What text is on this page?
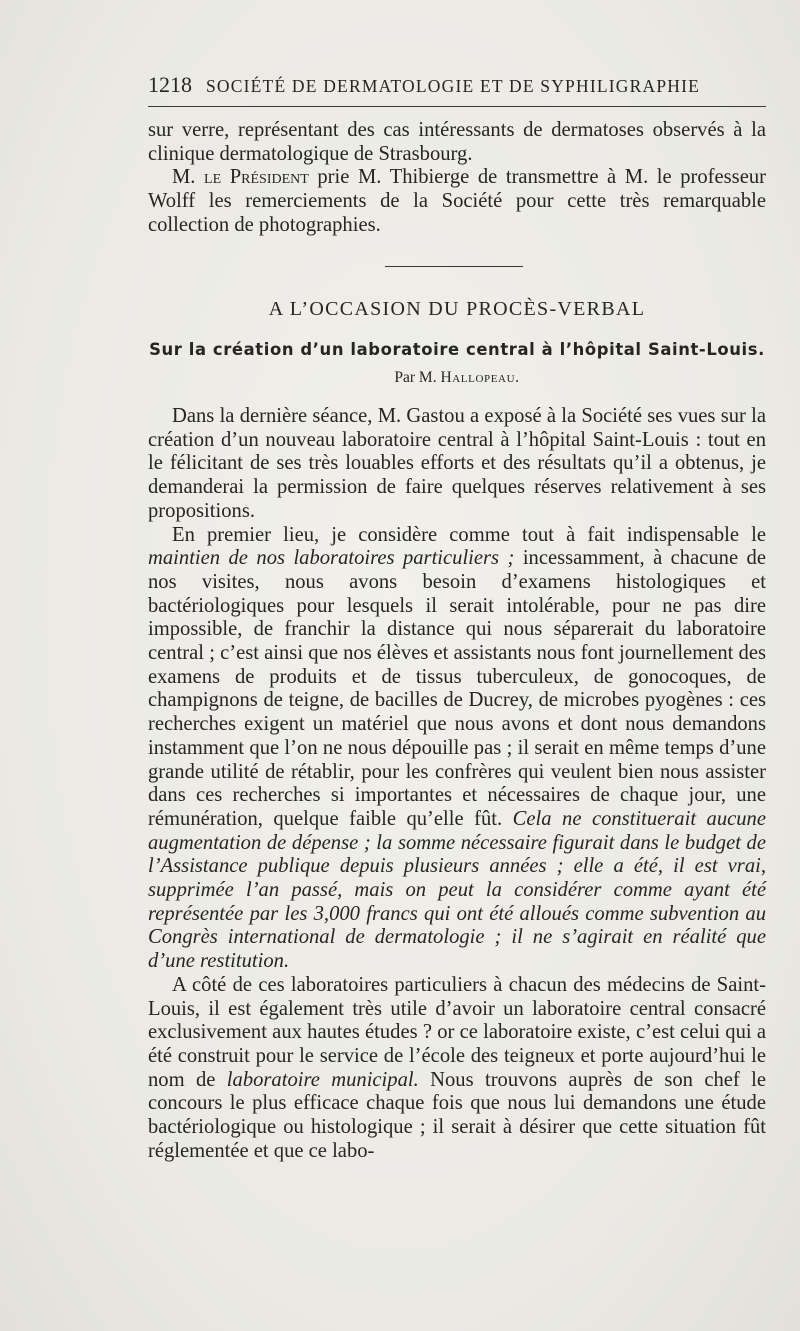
1218 SOCIÉTÉ DE DERMATOLOGIE ET DE SYPHILIGRAPHIE

sur verre, représentant des cas intéressants de dermatoses observés à la clinique dermatologique de Strasbourg.

M. le Président prie M. Thibierge de transmettre à M. le professeur Wolff les remerciements de la Société pour cette très remarquable collection de photographies.

A L’OCCASION DU PROCÈS-VERBAL
Sur la création d’un laboratoire central à l’hôpital Saint-Louis.
Par M. Hallopeau.

Dans la dernière séance, M. Gastou a exposé à la Société ses vues sur la création d’un nouveau laboratoire central à l’hôpital Saint-Louis : tout en le félicitant de ses très louables efforts et des résultats qu’il a obtenus, je demanderai la permission de faire quelques réserves relativement à ses propositions.

En premier lieu, je considère comme tout à fait indispensable le maintien de nos laboratoires particuliers ; incessamment, à chacune de nos visites, nous avons besoin d’examens histologiques et bactériologiques pour lesquels il serait intolérable, pour ne pas dire impossible, de franchir la distance qui nous séparerait du laboratoire central ; c’est ainsi que nos élèves et assistants nous font journellement des examens de produits et de tissus tuberculeux, de gonocoques, de champignons de teigne, de bacilles de Ducrey, de microbes pyogènes : ces recherches exigent un matériel que nous avons et dont nous demandons instamment que l’on ne nous dépouille pas ; il serait en même temps d’une grande utilité de rétablir, pour les confrères qui veulent bien nous assister dans ces recherches si importantes et nécessaires de chaque jour, une rémunération, quelque faible qu’elle fût. Cela ne constituerait aucune augmentation de dépense ; la somme nécessaire figurait dans le budget de l’Assistance publique depuis plusieurs années ; elle a été, il est vrai, supprimée l’an passé, mais on peut la considérer comme ayant été représentée par les 3,000 francs qui ont été alloués comme subvention au Congrès international de dermatologie ; il ne s’agirait en réalité que d’une restitution.

A côté de ces laboratoires particuliers à chacun des médecins de Saint-Louis, il est également très utile d’avoir un laboratoire central consacré exclusivement aux hautes études ? or ce laboratoire existe, c’est celui qui a été construit pour le service de l’école des teigneux et porte aujourd’hui le nom de laboratoire municipal. Nous trouvons auprès de son chef le concours le plus efficace chaque fois que nous lui demandons une étude bactériologique ou histologique ; il serait à désirer que cette situation fût réglementée et que ce labo-
